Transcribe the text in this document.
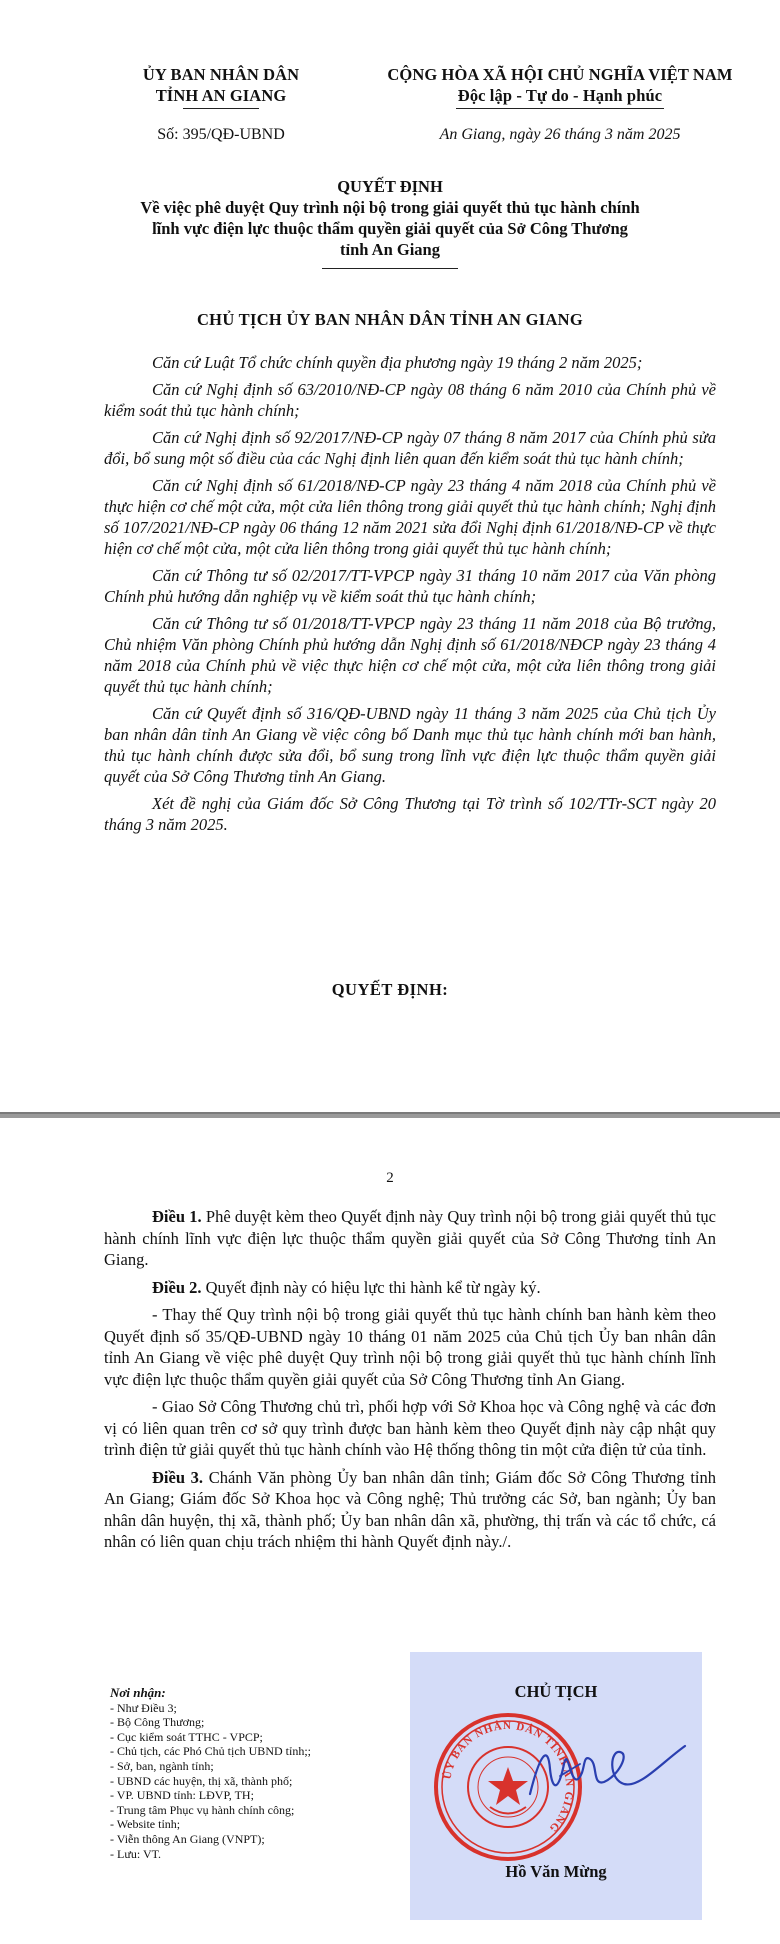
ỦY BAN NHÂN DÂN
TỈNH AN GIANG
CỘNG HÒA XÃ HỘI CHỦ NGHĨA VIỆT NAM
Độc lập - Tự do - Hạnh phúc
Số: 395/QĐ-UBND	An Giang, ngày 26 tháng 3 năm 2025
QUYẾT ĐỊNH
Về việc phê duyệt Quy trình nội bộ trong giải quyết thủ tục hành chính
lĩnh vực điện lực thuộc thẩm quyền giải quyết của Sở Công Thương
tỉnh An Giang
CHỦ TỊCH ỦY BAN NHÂN DÂN TỈNH AN GIANG

Căn cứ Luật Tổ chức chính quyền địa phương ngày 19 tháng 2 năm 2025;

Căn cứ Nghị định số 63/2010/NĐ-CP ngày 08 tháng 6 năm 2010 của Chính phủ về kiểm soát thủ tục hành chính;

Căn cứ Nghị định số 92/2017/NĐ-CP ngày 07 tháng 8 năm 2017 của Chính phủ sửa đổi, bổ sung một số điều của các Nghị định liên quan đến kiểm soát thủ tục hành chính;

Căn cứ Nghị định số 61/2018/NĐ-CP ngày 23 tháng 4 năm 2018 của Chính phủ về thực hiện cơ chế một cửa, một cửa liên thông trong giải quyết thủ tục hành chính; Nghị định số 107/2021/NĐ-CP ngày 06 tháng 12 năm 2021 sửa đổi Nghị định 61/2018/NĐ-CP về thực hiện cơ chế một cửa, một cửa liên thông trong giải quyết thủ tục hành chính;

Căn cứ Thông tư số 02/2017/TT-VPCP ngày 31 tháng 10 năm 2017 của Văn phòng Chính phủ hướng dẫn nghiệp vụ về kiểm soát thủ tục hành chính;

Căn cứ Thông tư số 01/2018/TT-VPCP ngày 23 tháng 11 năm 2018 của Bộ trưởng, Chủ nhiệm Văn phòng Chính phủ hướng dẫn Nghị định số 61/2018/NĐCP ngày 23 tháng 4 năm 2018 của Chính phủ về việc thực hiện cơ chế một cửa, một cửa liên thông trong giải quyết thủ tục hành chính;

Căn cứ Quyết định số 316/QĐ-UBND ngày 11 tháng 3 năm 2025 của Chủ tịch Ủy ban nhân dân tỉnh An Giang về việc công bố Danh mục thủ tục hành chính mới ban hành, thủ tục hành chính được sửa đổi, bổ sung trong lĩnh vực điện lực thuộc thẩm quyền giải quyết của Sở Công Thương tỉnh An Giang.

Xét đề nghị của Giám đốc Sở Công Thương tại Tờ trình số 102/TTr-SCT ngày 20 tháng 3 năm 2025.

QUYẾT ĐỊNH:
2

Điều 1. Phê duyệt kèm theo Quyết định này Quy trình nội bộ trong giải quyết thủ tục hành chính lĩnh vực điện lực thuộc thẩm quyền giải quyết của Sở Công Thương tỉnh An Giang.

Điều 2. Quyết định này có hiệu lực thi hành kể từ ngày ký.

- Thay thế Quy trình nội bộ trong giải quyết thủ tục hành chính ban hành kèm theo Quyết định số 35/QĐ-UBND ngày 10 tháng 01 năm 2025 của Chủ tịch Ủy ban nhân dân tỉnh An Giang về việc phê duyệt Quy trình nội bộ trong giải quyết thủ tục hành chính lĩnh vực điện lực thuộc thẩm quyền giải quyết của Sở Công Thương tỉnh An Giang.

- Giao Sở Công Thương chủ trì, phối hợp với Sở Khoa học và Công nghệ và các đơn vị có liên quan trên cơ sở quy trình được ban hành kèm theo Quyết định này cập nhật quy trình điện tử giải quyết thủ tục hành chính vào Hệ thống thông tin một cửa điện tử của tỉnh.

Điều 3. Chánh Văn phòng Ủy ban nhân dân tỉnh; Giám đốc Sở Công Thương tỉnh An Giang; Giám đốc Sở Khoa học và Công nghệ; Thủ trưởng các Sở, ban ngành; Ủy ban nhân dân huyện, thị xã, thành phố; Ủy ban nhân dân xã, phường, thị trấn và các tổ chức, cá nhân có liên quan chịu trách nhiệm thi hành Quyết định này./.

Nơi nhận:
- Như Điều 3;
- Bộ Công Thương;
- Cục kiểm soát TTHC - VPCP;
- Chủ tịch, các Phó Chủ tịch UBND tỉnh;;
- Sở, ban, ngành tỉnh;
- UBND các huyện, thị xã, thành phố;
- VP. UBND tỉnh: LĐVP, TH;
- Trung tâm Phục vụ hành chính công;
- Website tỉnh;
- Viễn thông An Giang (VNPT);
- Lưu: VT.
CHỦ TỊCH
ỦY BAN NHÂN DÂN TỈNH AN GIANG
Hồ Văn Mừng
